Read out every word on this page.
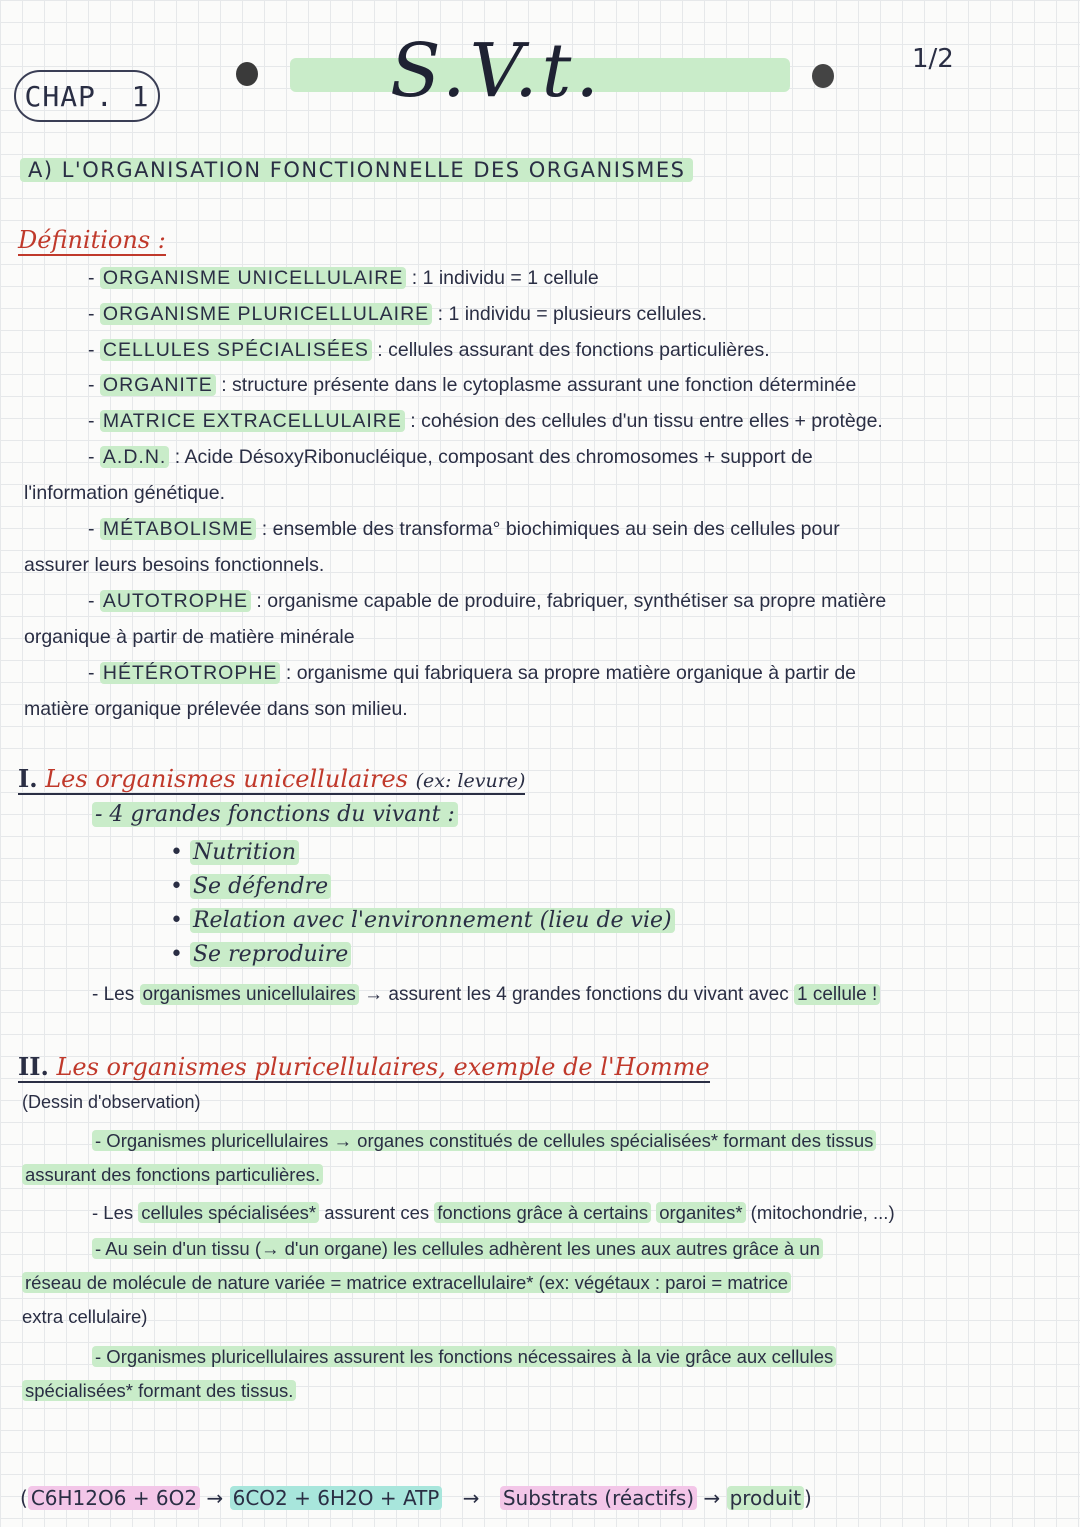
CHAP. 1	S.V.t.	1/2
A) L'ORGANISATION FONCTIONNELLE DES ORGANISMES
Définitions :
- ORGANISME UNICELLULAIRE : 1 individu = 1 cellule
- ORGANISME PLURICELLULAIRE : 1 individu = plusieurs cellules.
- CELLULES SPÉCIALISÉES : cellules assurant des fonctions particulières.
- ORGANITE : structure présente dans le cytoplasme assurant une fonction déterminée
- MATRICE EXTRACELLULAIRE : cohésion des cellules d'un tissu entre elles + protège.
- A.D.N. : Acide DésoxyRibonucléique, composant des chromosomes + support de
l'information génétique.
- MÉTABOLISME : ensemble des transforma° biochimiques au sein des cellules pour
assurer leurs besoins fonctionnels.
- AUTOTROPHE : organisme capable de produire, fabriquer, synthétiser sa propre matière
organique à partir de matière minérale
- HÉTÉROTROPHE : organisme qui fabriquera sa propre matière organique à partir de
matière organique prélevée dans son milieu.
I. Les organismes unicellulaires (ex: levure)
- 4 grandes fonctions du vivant :
• Nutrition
• Se défendre
• Relation avec l'environnement (lieu de vie)
• Se reproduire
- Les organismes unicellulaires → assurent les 4 grandes fonctions du vivant avec 1 cellule !
II. Les organismes pluricellulaires, exemple de l'Homme
(Dessin d'observation)
- Organismes pluricellulaires → organes constitués de cellules spécialisées* formant des tissus
assurant des fonctions particulières.
- Les cellules spécialisées* assurent ces fonctions grâce à certains organites* (mitochondrie, ...)
- Au sein d'un tissu (→ d'un organe) les cellules adhèrent les unes aux autres grâce à un
réseau de molécule de nature variée = matrice extracellulaire* (ex: végétaux : paroi = matrice
extra cellulaire)
- Organismes pluricellulaires assurent les fonctions nécessaires à la vie grâce aux cellules
spécialisées* formant des tissus.
( C6H12O6 + 6O2 → 6CO2 + 6H2O + ATP → Substrats (réactifs) → produit )
